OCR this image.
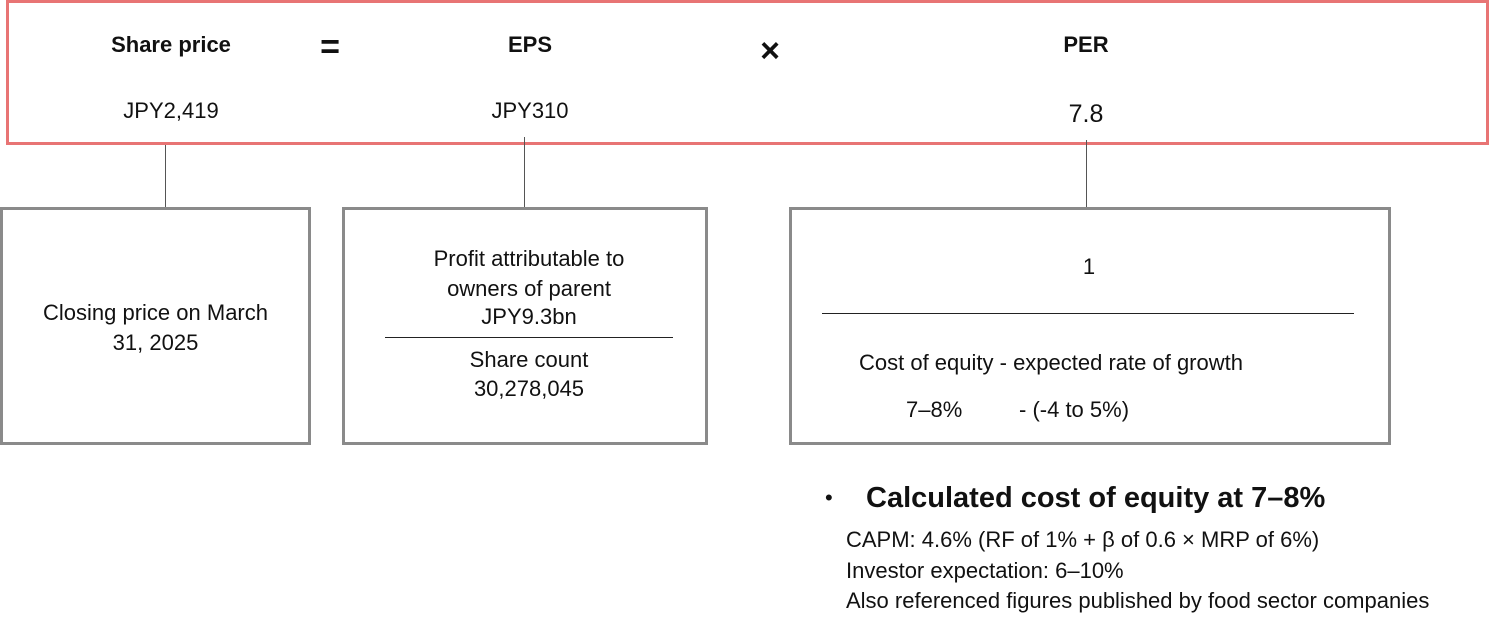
Share price	=	EPS	×	PER
JPY2,419	JPY310	7.8
Closing price on March
31, 2025
Profit attributable to
owners of parent
JPY9.3bn
Share count
30,278,045
1
Cost of equity - expected rate of growth
7–8%	- (-4 to 5%)
• Calculated cost of equity at 7–8%
CAPM: 4.6% (RF of 1% + β of 0.6 × MRP of 6%)
Investor expectation: 6–10%
Also referenced figures published by food sector companies
